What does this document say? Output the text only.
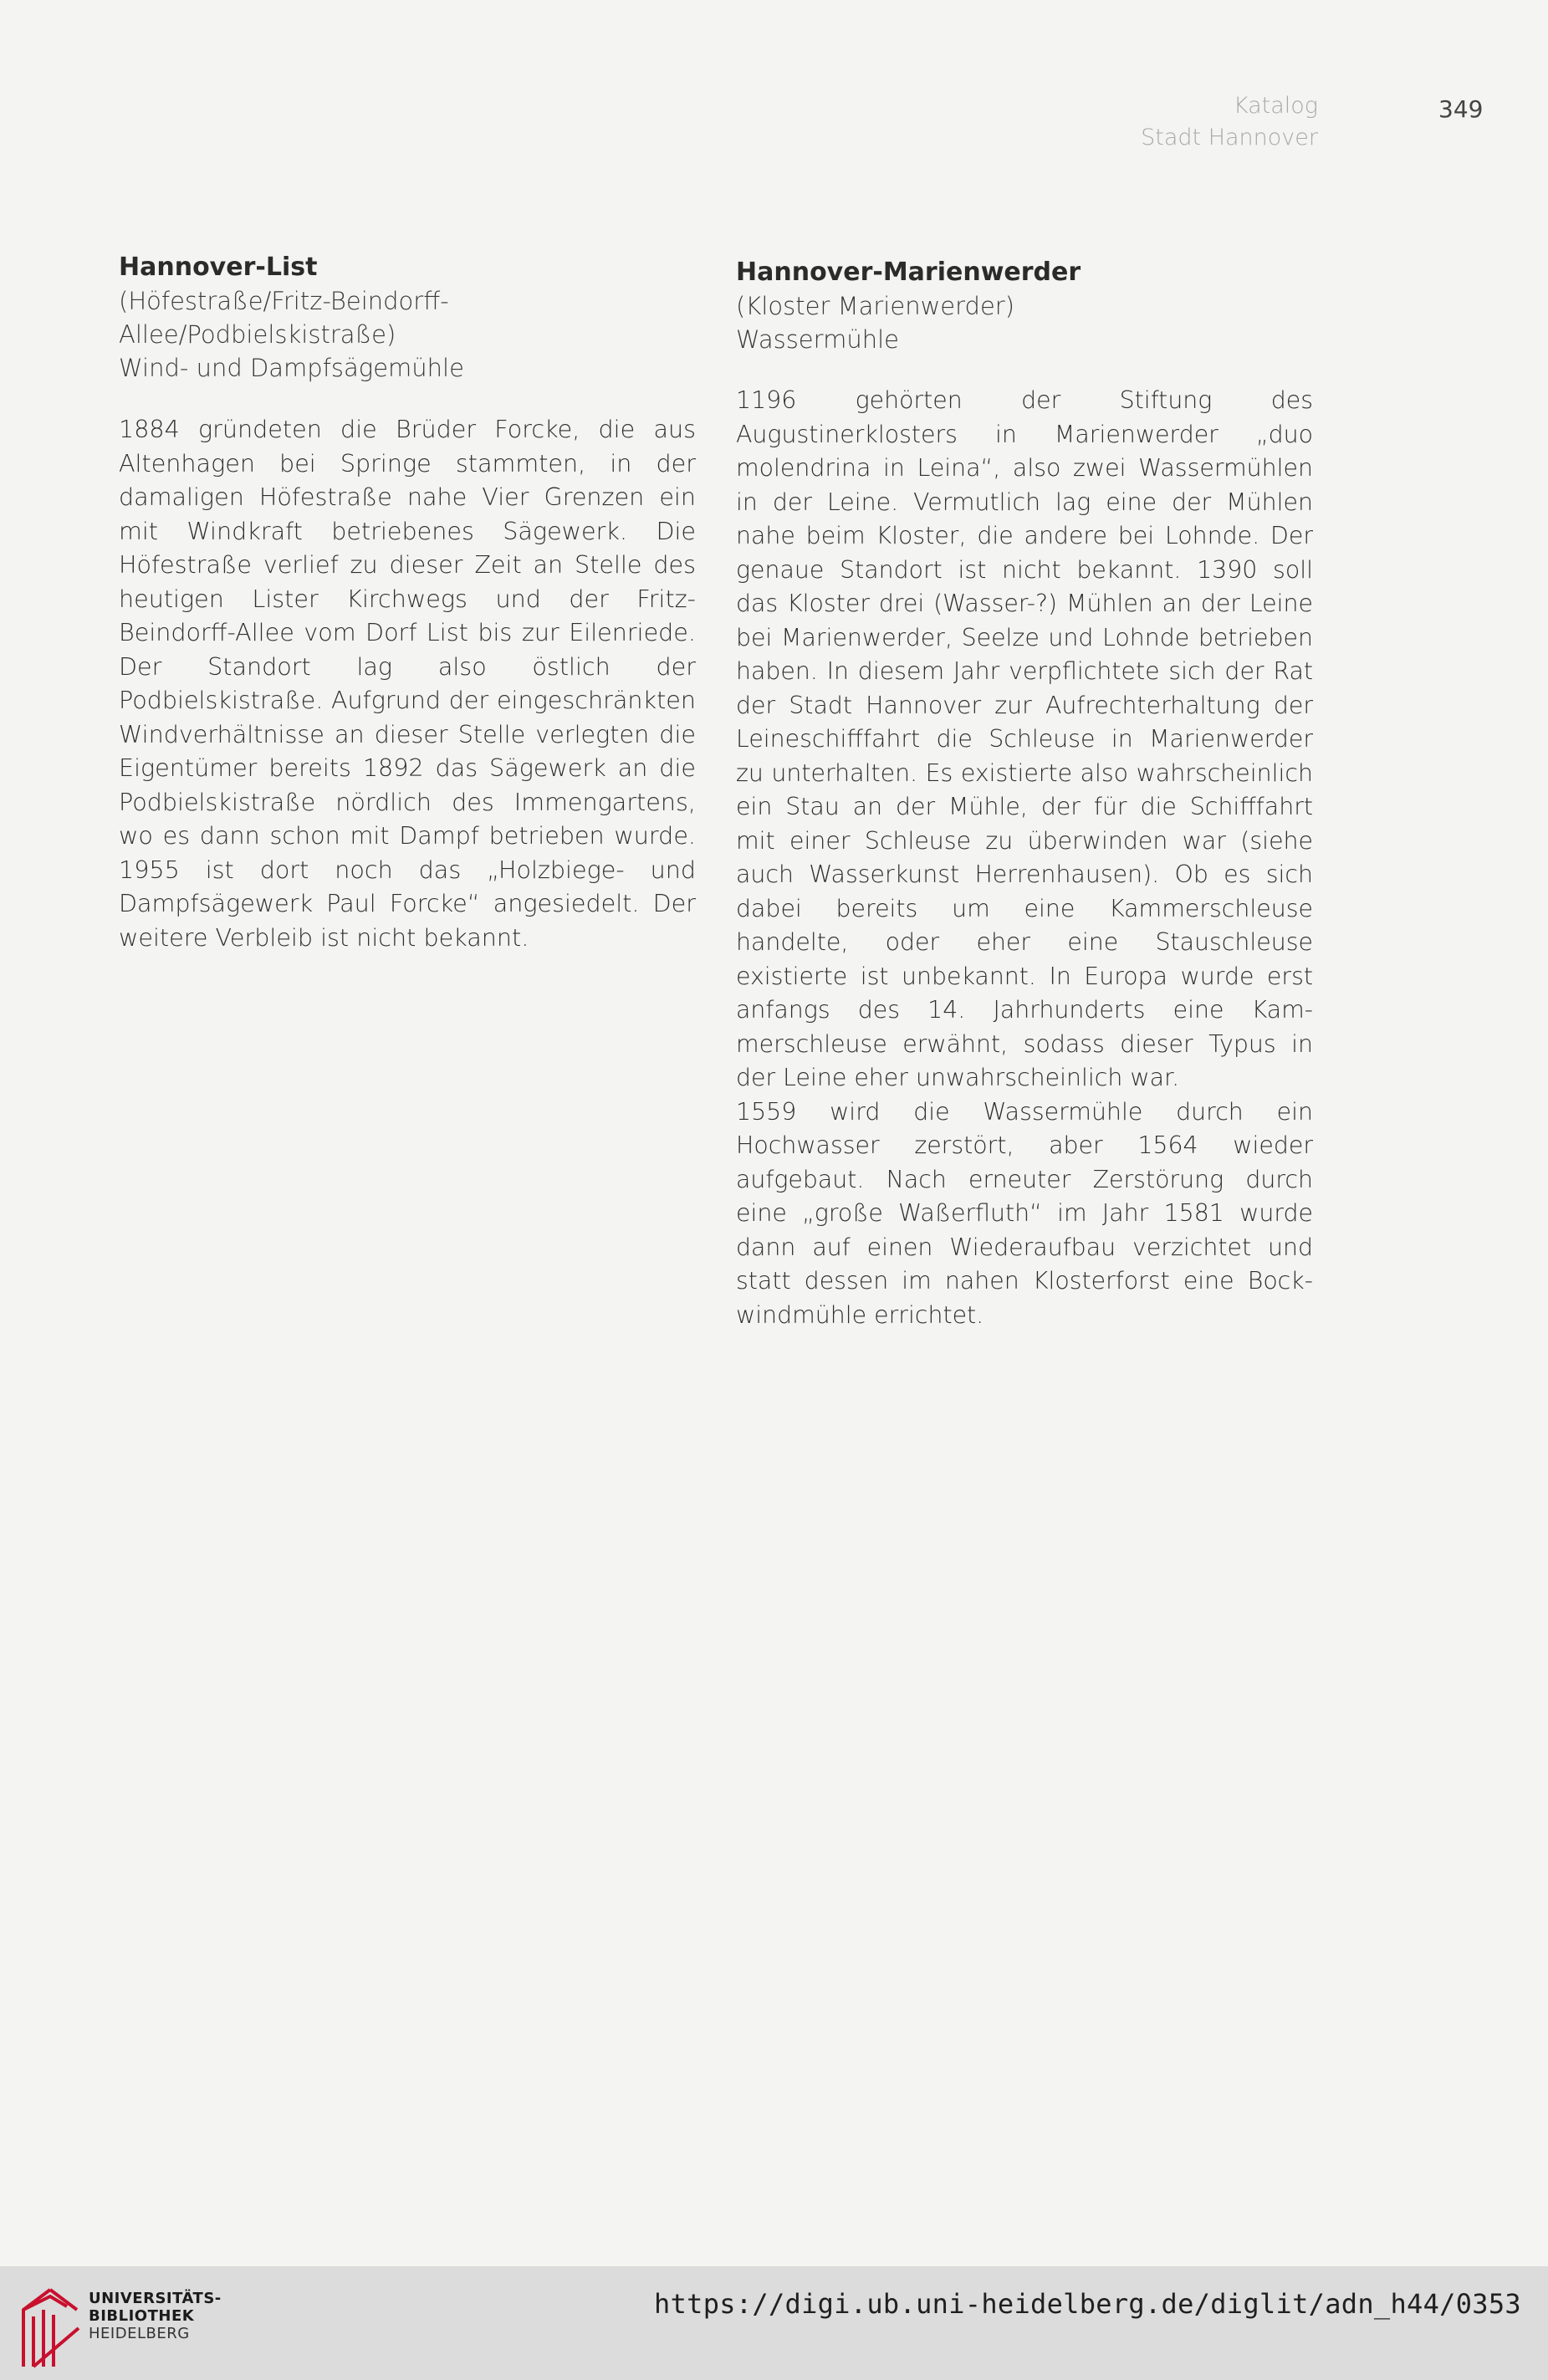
Katalog
Stadt Hannover
349
Hannover-List
(Höfestraße/Fritz-Beindorff-Allee/Podbielskistraße)
Wind- und Dampfsägemühle

1884 gründeten die Brüder Forcke, die aus Altenhagen bei Springe stammten, in der damaligen Höfestraße nahe Vier Grenzen ein mit Windkraft betriebenes Sägewerk. Die Höfestraße verlief zu dieser Zeit an Stelle des heutigen Lister Kirchwegs und der Fritz-Beindorff-Allee vom Dorf List bis zur Eilenriede. Der Standort lag also östlich der Podbielskistraße. Aufgrund der eingeschränkten Windverhältnisse an dieser Stelle verlegten die Eigentümer bereits 1892 das Sägewerk an die Podbielskistraße nördlich des Immengartens, wo es dann schon mit Dampf betrieben wurde. 1955 ist dort noch das „Holzbiege- und Dampfsägewerk Paul Forcke“ angesiedelt. Der weitere Verbleib ist nicht bekannt.

Hannover-Marienwerder
(Kloster Marienwerder)
Wassermühle

1196 gehörten der Stiftung des Augustinerklosters in Marienwerder „duo molendrina in Leina“, also zwei Wassermühlen in der Leine. Vermutlich lag eine der Mühlen nahe beim Kloster, die andere bei Lohnde. Der genaue Standort ist nicht bekannt. 1390 soll das Kloster drei (Wasser-?) Mühlen an der Leine bei Marienwerder, Seelze und Lohnde betrieben haben. In diesem Jahr verpflichtete sich der Rat der Stadt Hannover zur Aufrechterhaltung der Leineschifffahrt die Schleuse in Marienwerder zu unterhalten. Es existierte also wahrscheinlich ein Stau an der Mühle, der für die Schifffahrt mit einer Schleuse zu überwinden war (siehe auch Wasserkunst Herrenhausen). Ob es sich dabei bereits um eine Kammerschleuse handelte, oder eher eine Stauschleuse existierte ist unbekannt. In Europa wurde erst anfangs des 14. Jahrhunderts eine Kammerschleuse erwähnt, sodass dieser Typus in der Leine eher unwahrscheinlich war.

1559 wird die Wassermühle durch ein Hochwasser zerstört, aber 1564 wieder aufgebaut. Nach erneuter Zerstörung durch eine „große Waßerfluth“ im Jahr 1581 wurde dann auf einen Wiederaufbau verzichtet und statt dessen im nahen Klosterforst eine Bockwindmühle errichtet.

UNIVERSITÄTS-
BIBLIOTHEK
HEIDELBERG
https://digi.ub.uni-heidelberg.de/diglit/adn_h44/0353
